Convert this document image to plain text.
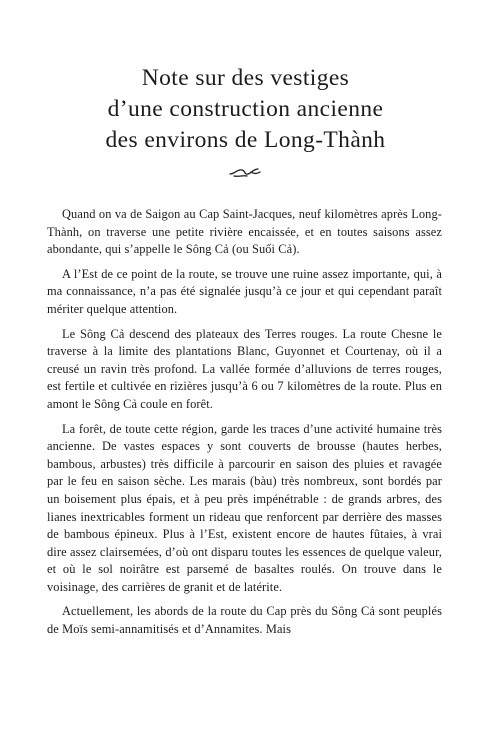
Note sur des vestiges
d’une construction ancienne
des environs de Long-Thành

Quand on va de Saigon au Cap Saint-Jacques, neuf kilomètres après Long-Thành, on traverse une petite rivière encaissée, et en toutes saisons assez abondante, qui s’appelle le Sông Cả (ou Suối Cả).

A l’Est de ce point de la route, se trouve une ruine assez importante, qui, à ma connaissance, n’a pas été signalée jusqu’à ce jour et qui cependant paraît mériter quelque attention.

Le Sông Cả descend des plateaux des Terres rouges. La route Chesne le traverse à la limite des plantations Blanc, Guyonnet et Courtenay, où il a creusé un ravin très profond. La vallée formée d’alluvions de terres rouges, est fertile et cultivée en rizières jusqu’à 6 ou 7 kilomètres de la route. Plus en amont le Sông Cả coule en forêt.

La forêt, de toute cette région, garde les traces d’une activité humaine très ancienne. De vastes espaces y sont couverts de brousse (hautes herbes, bambous, arbustes) très difficile à parcourir en saison des pluies et ravagée par le feu en saison sèche. Les marais (bàu) très nombreux, sont bordés par un boisement plus épais, et à peu près impénétrable : de grands arbres, des lianes inextricables forment un rideau que renforcent par derrière des masses de bambous épineux. Plus à l’Est, existent encore de hautes fûtaies, à vrai dire assez clairsemées, d’où ont disparu toutes les essences de quelque valeur, et où le sol noirâtre est parsemé de basaltes roulés. On trouve dans le voisinage, des carrières de granit et de latérite.

Actuellement, les abords de la route du Cap près du Sông Cả sont peuplés de Moïs semi-annamitisés et d’Annamites. Mais
